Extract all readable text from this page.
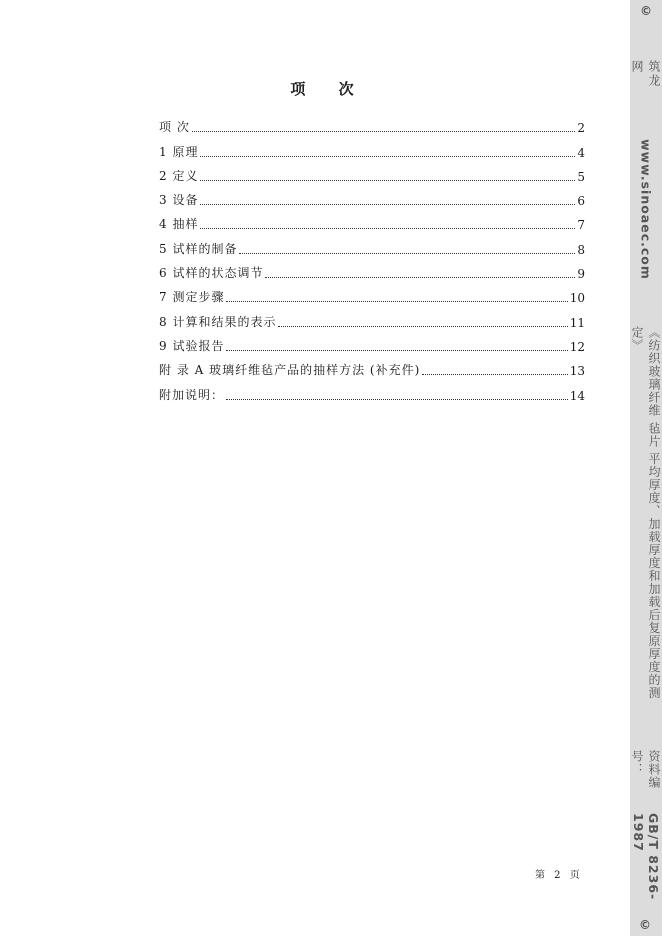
项 次
项 次	2
1 原理	4
2 定义	5
3 设备	6
4 抽样	7
5 试样的制备	8
6 试样的状态调节	9
7 测定步骤	10
8 计算和结果的表示	11
9 试验报告	12
附 录 A 玻璃纤维毡产品的抽样方法 (补充件)	13
附加说明：	14
第 2 页
©
筑龙网
www.sinoaec.com
《纺织玻璃纤维 毡片 平均厚度、加载厚度和加载后复原厚度的测定》
资料编号：
GB/T 8236-1987
©
